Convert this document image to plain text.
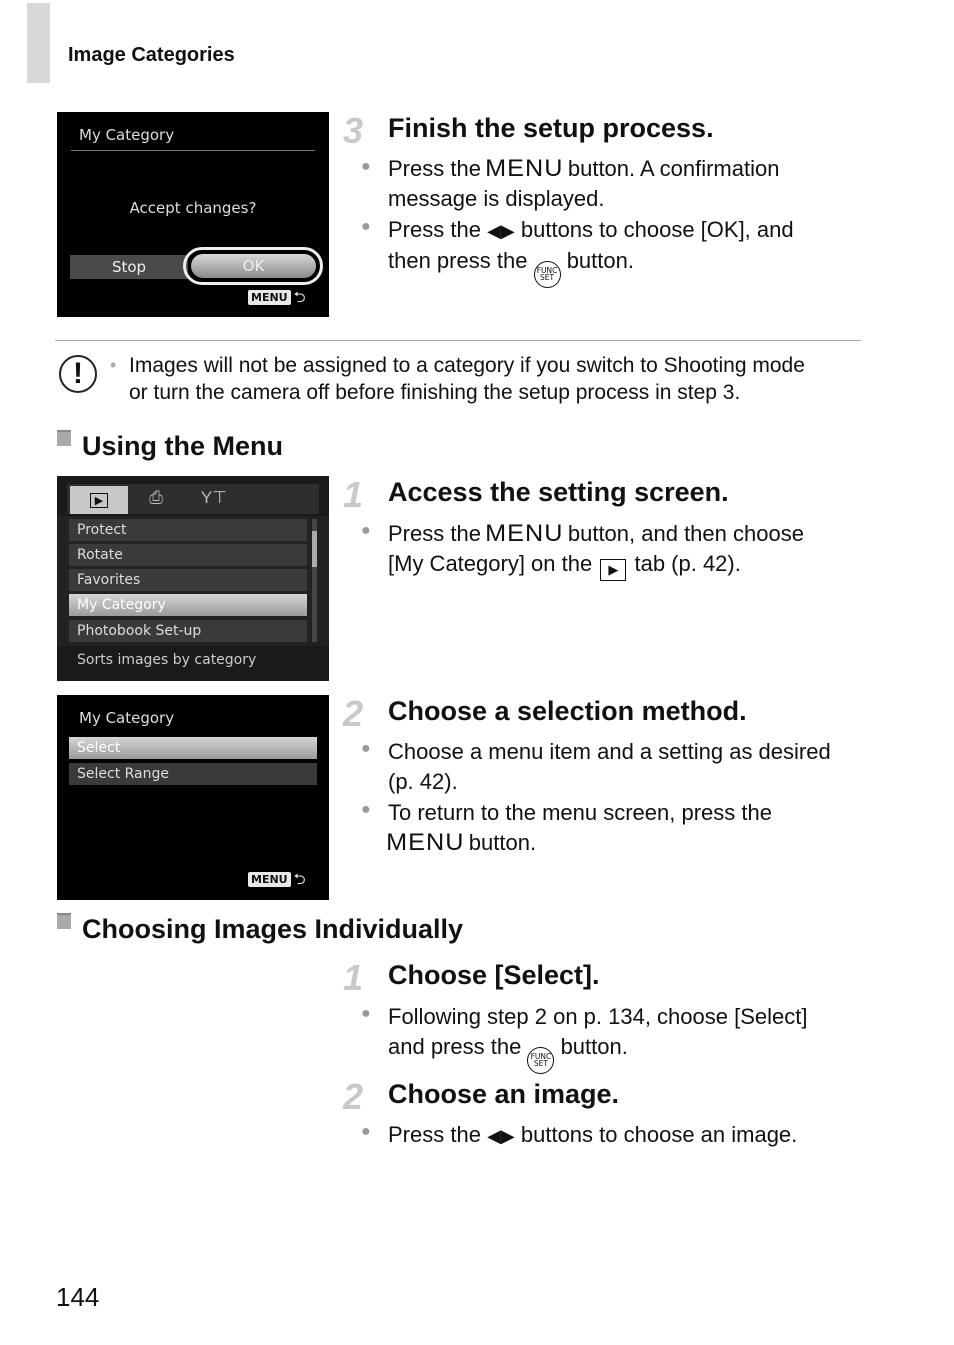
Image Categories
My Category
Accept changes?
Stop	OK
MENU ⮌
3 Finish the setup process.
● Press the MENU button. A confirmation
message is displayed.
● Press the ◀▶ buttons to choose [OK], and
then press the FUNC
SET
button.
!	• Images will not be assigned to a category if you switch to Shooting mode
or turn the camera off before finishing the setup process in step 3.
Using the Menu
▶	⎙	Y⊤
Protect
Rotate
Favorites
My Category
Photobook Set-up
Sorts images by category
1 Access the setting screen.
● Press the MENU button, and then choose
[My Category] on the ▶ tab (p. 42).
My Category
Select
Select Range
MENU ⮌
2 Choose a selection method.
● Choose a menu item and a setting as desired
(p. 42).
● To return to the menu screen, press the
MENU button.
Choosing Images Individually
1 Choose [Select].
● Following step 2 on p. 134, choose [Select]
and press the FUNC
SET
button.
2 Choose an image.
● Press the ◀▶ buttons to choose an image.
144
